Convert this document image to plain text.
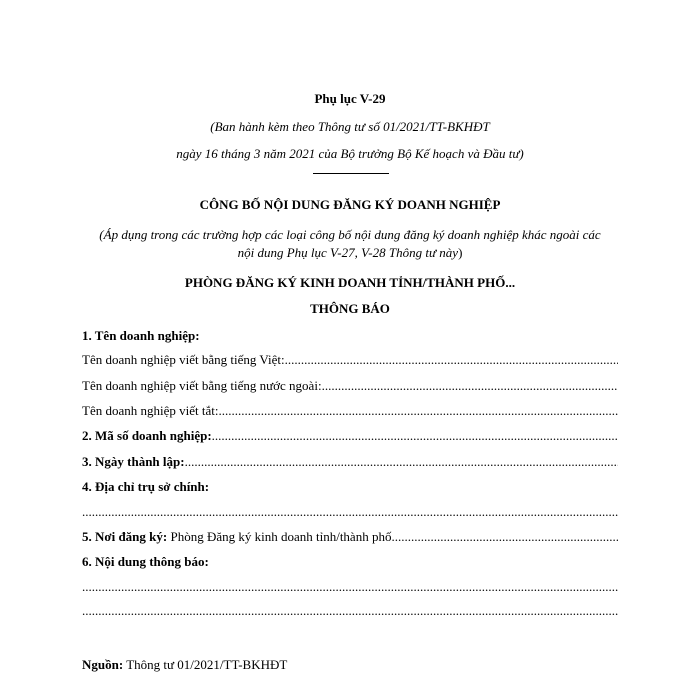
Phụ lục V-29
(Ban hành kèm theo Thông tư số 01/2021/TT-BKHĐT
ngày 16 tháng 3 năm 2021 của Bộ trưởng Bộ Kế hoạch và Đầu tư)
CÔNG BỐ NỘI DUNG ĐĂNG KÝ DOANH NGHIỆP
(Áp dụng trong các trường hợp các loại công bố nội dung đăng ký doanh nghiệp khác ngoài các
nội dung Phụ lục V-27, V-28 Thông tư này)
PHÒNG ĐĂNG KÝ KINH DOANH TỈNH/THÀNH PHỐ...
THÔNG BÁO
1. Tên doanh nghiệp:
Tên doanh nghiệp viết bằng tiếng Việt: .....
Tên doanh nghiệp viết bằng tiếng nước ngoài: .....
Tên doanh nghiệp viết tắt: .....
2. Mã số doanh nghiệp: .....
3. Ngày thành lập: .....
4. Địa chỉ trụ sở chính:
.....
5. Nơi đăng ký: Phòng Đăng ký kinh doanh tỉnh/thành phố .....
6. Nội dung thông báo:
.....
.....
Nguồn: Thông tư 01/2021/TT-BKHĐT
